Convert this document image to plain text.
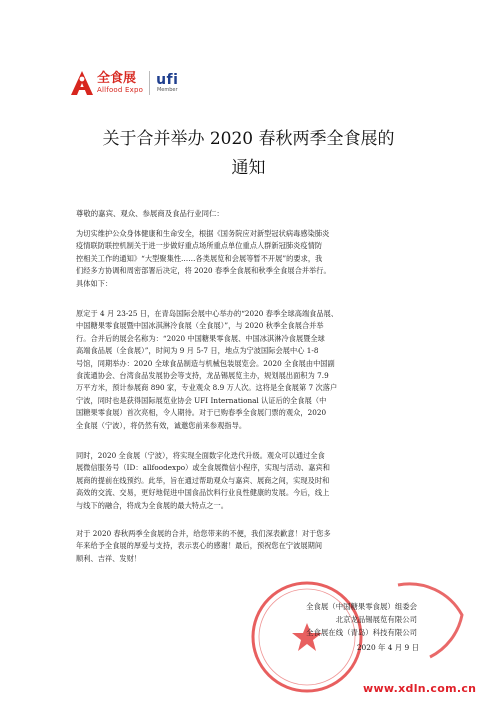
全食展
Allfood Expo
ufi
Member
关于合并举办 2020 春秋两季全食展的
通知
尊敬的嘉宾、观众、参展商及食品行业同仁：
为切实维护公众身体健康和生命安全，根据《国务院应对新型冠状病毒感染肺炎
疫情联防联控机制关于进一步做好重点场所重点单位重点人群新冠肺炎疫情防
控相关工作的通知》“大型聚集性……各类展览和会展等暂不开展”的要求，我
们经多方协调和周密部署后决定，将 2020 春季全食展和秋季全食展合并举行。
具体如下：
原定于 4 月 23-25 日，在青岛国际会展中心举办的“2020 春季全球高端食品展、
中国糖果零食展暨中国冰淇淋冷食展（全食展）”，与 2020 秋季全食展合并举
行。合并后的展会名称为：“2020 中国糖果零食展、中国冰淇淋冷食展暨全球
高端食品展（全食展）”，时间为 9 月 5-7 日，地点为宁波国际会展中心 1-8
号馆，同期举办：2020 全球食品制造与机械包装展览会。2020 全食展由中国副
食流通协会、台湾食品发展协会等支持，龙品锡展览主办，规划展出面积为 7.9
万平方米，预计参展商 890 家，专业观众 8.9 万人次。这将是全食展第 7 次落户
宁波，同时也是获得国际展览业协会 UFI International 认证后的全食展（中
国糖果零食展）首次亮相，令人期待。对于已购春季全食展门票的观众，2020
全食展（宁波），将仍然有效，诚邀您前来参观指导。
同时，2020 全食展（宁波），将实现全面数字化迭代升级。观众可以通过全食
展微信服务号（ID：allfoodexpo）或全食展微信小程序，实现与活动、嘉宾和
展商的提前在线预约。此举，旨在通过帮助观众与嘉宾、展商之间，实现及时和
高效的交流、交易，更好地促进中国食品饮料行业良性健康的发展。今后，线上
与线下的融合，将成为全食展的最大特点之一。
对于 2020 春秋两季全食展的合并，给您带来的不便，我们深表歉意！对于您多
年来给予全食展的厚爱与支持，表示衷心的感谢！最后，预祝您在宁波展期间
顺利、吉祥、发财！
全食展（中国糖果零食展）组委会
北京龙品锡展览有限公司
全食展在线（青岛）科技有限公司
2020 年 4 月 9 日
www.xdln.com.cn
